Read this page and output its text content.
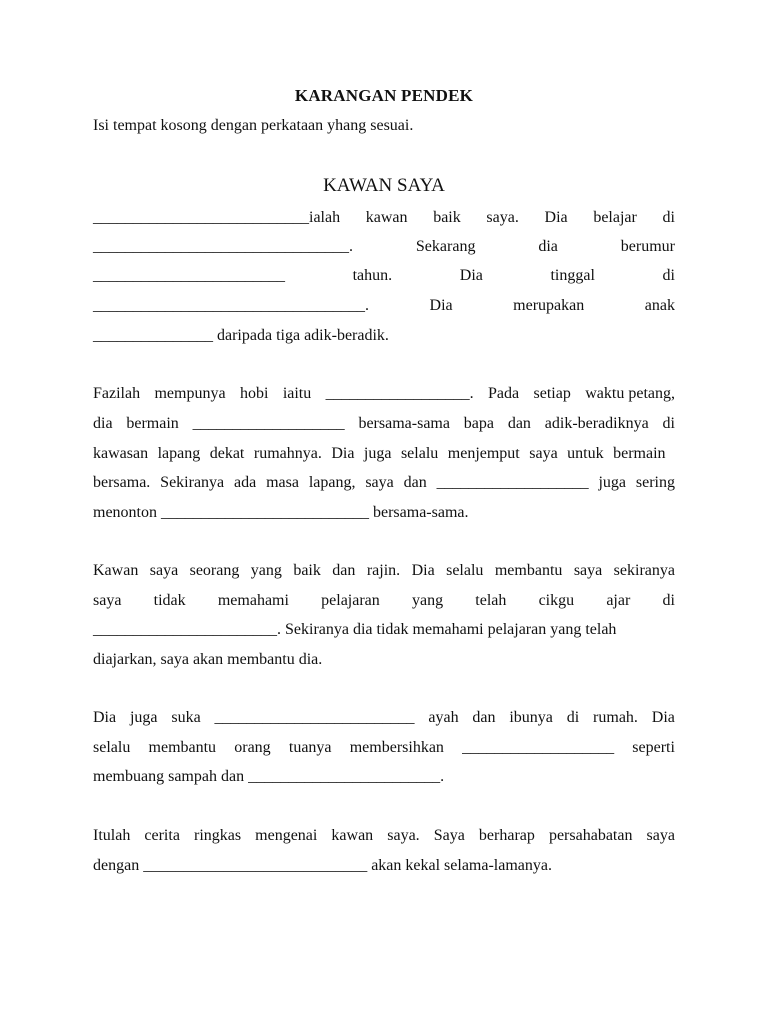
KARANGAN PENDEK
Isi tempat kosong dengan perkataan yhang sesuai.
KAWAN SAYA
___________________________ialah kawan baik saya. Dia belajar di
________________________________.	Sekarang	dia	berumur
________________________	tahun.	Dia	tinggal	di
__________________________________.	Dia	merupakan	anak
_______________ daripada tiga adik-beradik.
Fazilah mempunya hobi iaitu __________________. Pada setiap waktu petang,
dia bermain ___________________ bersama-sama bapa dan adik-beradiknya di
kawasan lapang dekat rumahnya. Dia juga selalu menjemput saya untuk bermain
bersama. Sekiranya ada masa lapang, saya dan ___________________ juga sering
menonton __________________________ bersama-sama.
Kawan saya seorang yang baik dan rajin. Dia selalu membantu saya sekiranya
saya tidak memahami pelajaran yang telah cikgu ajar di
_______________________. Sekiranya dia tidak memahami pelajaran yang telah
diajarkan, saya akan membantu dia.
Dia juga suka _________________________ ayah dan ibunya di rumah. Dia
selalu membantu orang tuanya membersihkan ___________________ seperti
membuang sampah dan ________________________.
Itulah cerita ringkas mengenai kawan saya. Saya berharap persahabatan saya
dengan ____________________________ akan kekal selama-lamanya.
